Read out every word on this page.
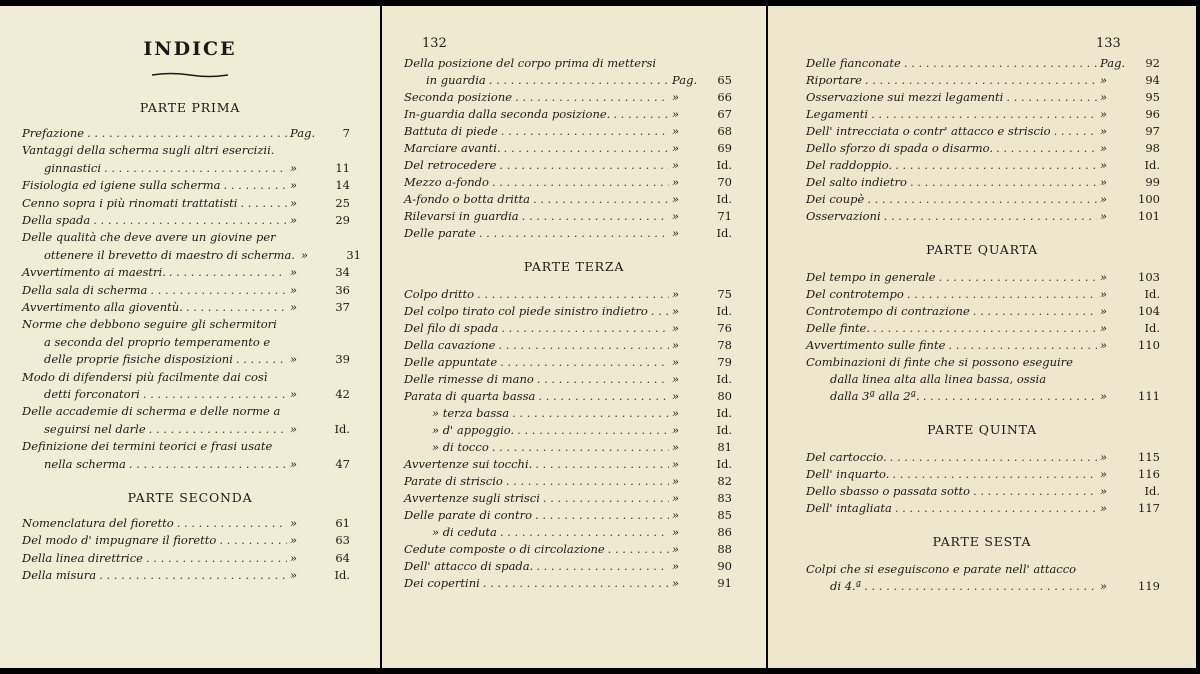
INDICE
PARTE PRIMA
Prefazione . . .	Pag.	7
Vantaggi della scherma sugli altri esercizii.
ginnastici . . .	»	11
Fisiologia ed igiene sulla scherma . . .	»	14
Cenno sopra i più rinomati trattatisti . . .	»	25
Della spada . . .	»	29
Delle qualità che deve avere un giovine per
ottenere il brevetto di maestro di scherma. »	31
Avvertimento ai maestri. . . .	»	34
Della sala di scherma . . .	»	36
Avvertimento alla gioventù. . . .	»	37
Norme che debbono seguire gli schermitori
a seconda del proprio temperamento e
delle proprie fisiche disposizioni . . .	»	39
Modo di difendersi più facilmente dai così
detti forconatori . . .	»	42
Delle accademie di scherma e delle norme a
seguirsi nel darle . . .	»	Id.
Definizione dei termini teorici e frasi usate
nella scherma . . .	»	47
PARTE SECONDA
Nomenclatura del fioretto . . .	»	61
Del modo d' impugnare il fioretto . . .	»	63
Della linea direttrice . . .	»	64
Della misura . . .	»	Id.
132
Della posizione del corpo prima di mettersi
in guardia . . .	Pag.	65
Seconda posizione . . .	»	66
In-guardia dalla seconda posizione. . . .	»	67
Battuta di piede . . .	»	68
Marciare avanti. . . .	»	69
Del retrocedere . . .	»	Id.
Mezzo a-fondo . . .	»	70
A-fondo o botta dritta . . .	»	Id.
Rilevarsi in guardia . . .	»	71
Delle parate . . .	»	Id.
PARTE TERZA
Colpo dritto . . .	»	75
Del colpo tirato col piede sinistro indietro . . . »	Id.
Del filo di spada . . .	»	76
Della cavazione . . .	»	78
Delle appuntate . . .	»	79
Delle rimesse di mano . . .	»	Id.
Parata di quarta bassa . . .	»	80
» terza bassa . . .	»	Id.
» d' appoggio. . . .	»	Id.
» di tocco . . .	»	81
Avvertenze sui tocchi. . . .	»	Id.
Parate di striscio . . .	»	82
Avvertenze sugli strisci . . .	»	83
Delle parate di contro . . .	»	85
» di ceduta . . .	»	86
Cedute composte o di circolazione . . .	»	88
Dell' attacco di spada. . . .	»	90
Dei copertini . . .	»	91
133
Delle fianconate . . .	Pag.	92
Riportare . . .	»	94
Osservazione sui mezzi legamenti . . .	»	95
Legamenti . . .	»	96
Dell' intrecciata o contr' attacco e striscio . . .	»	97
Dello sforzo di spada o disarmo. . . .	»	98
Del raddoppio. . . .	»	Id.
Del salto indietro . . .	»	99
Dei coupè . . .	»	100
Osservazioni . . .	»	101
PARTE QUARTA
Del tempo in generale . . .	»	103
Del controtempo . . .	»	Id.
Controtempo di contrazione . . .	»	104
Delle finte. . . .	»	Id.
Avvertimento sulle finte . . .	»	110
Combinazioni di finte che si possono eseguire
dalla linea alta alla linea bassa, ossia
dalla 3ª alla 2ª. . . .	»	111
PARTE QUINTA
Del cartoccio. . . .	»	115
Dell' inquarto. . . .	»	116
Dello sbasso o passata sotto . . .	»	Id.
Dell' intagliata . . .	»	117
PARTE SESTA
Colpi che si eseguiscono e parate nell' attacco
di 4.ª . . .	»	119
